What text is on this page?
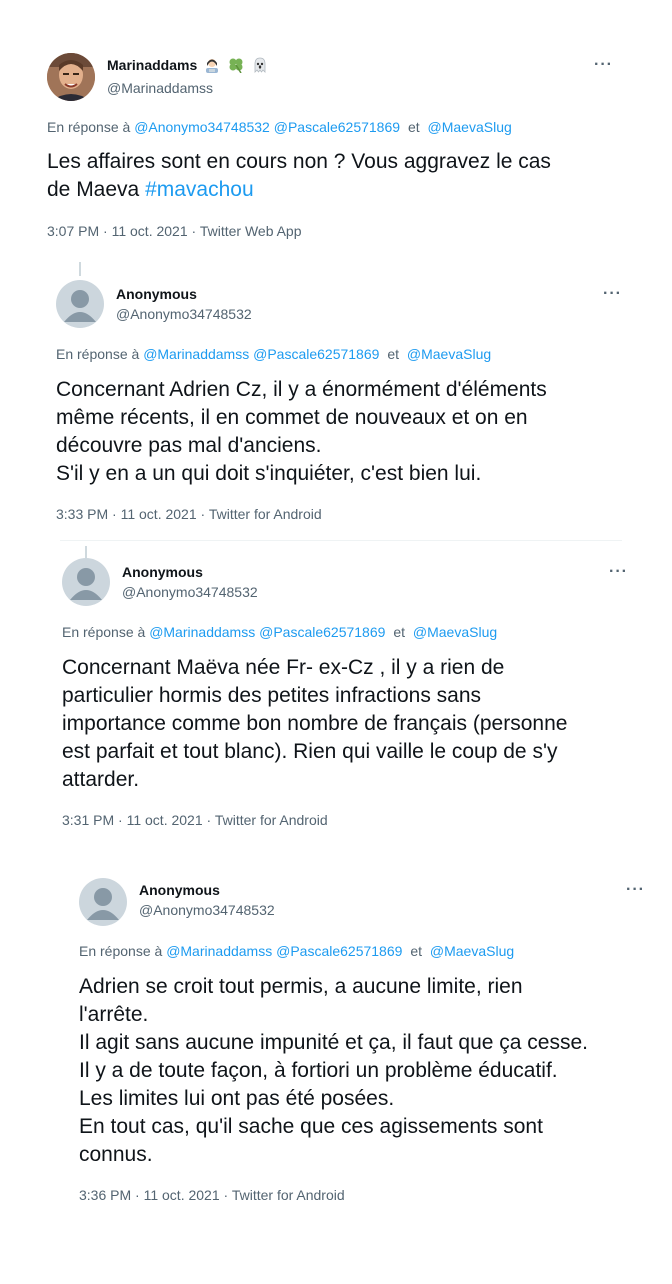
Marinaddams
@Marinaddamss
···
En réponse à @Anonymo34748532 @Pascale62571869 et @MaevaSlug
Les affaires sont en cours non ? Vous aggravez le cas
de Maeva #mavachou
3:07 PM · 11 oct. 2021 · Twitter Web App
Anonymous
@Anonymo34748532
···
En réponse à @Marinaddamss @Pascale62571869 et @MaevaSlug
Concernant Adrien Cz, il y a énormément d'éléments
même récents, il en commet de nouveaux et on en
découvre pas mal d'anciens.
S'il y en a un qui doit s'inquiéter, c'est bien lui.
3:33 PM · 11 oct. 2021 · Twitter for Android
Anonymous
@Anonymo34748532
···
En réponse à @Marinaddamss @Pascale62571869 et @MaevaSlug
Concernant Maëva née Fr- ex-Cz , il y a rien de
particulier hormis des petites infractions sans
importance comme bon nombre de français (personne
est parfait et tout blanc). Rien qui vaille le coup de s'y
attarder.
3:31 PM · 11 oct. 2021 · Twitter for Android
Anonymous
@Anonymo34748532
···
En réponse à @Marinaddamss @Pascale62571869 et @MaevaSlug
Adrien se croit tout permis, a aucune limite, rien
l'arrête.
Il agit sans aucune impunité et ça, il faut que ça cesse.
Il y a de toute façon, à fortiori un problème éducatif.
Les limites lui ont pas été posées.
En tout cas, qu'il sache que ces agissements sont
connus.
3:36 PM · 11 oct. 2021 · Twitter for Android
